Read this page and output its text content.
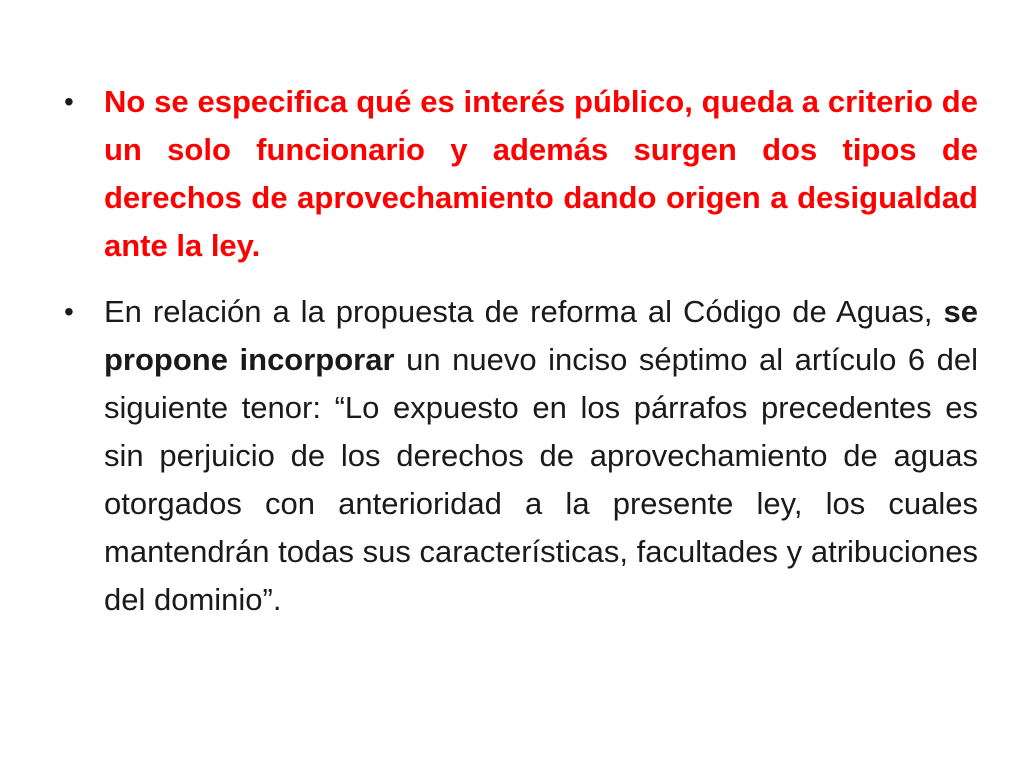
• No se especifica qué es interés público, queda a criterio de un solo funcionario y además surgen dos tipos de derechos de aprovechamiento dando origen a desigualdad ante la ley.
• En relación a la propuesta de reforma al Código de Aguas, se propone incorporar un nuevo inciso séptimo al artículo 6 del siguiente tenor: “Lo expuesto en los párrafos precedentes es sin perjuicio de los derechos de aprovechamiento de aguas otorgados con anterioridad a la presente ley, los cuales mantendrán todas sus características, facultades y atribuciones del dominio”.
